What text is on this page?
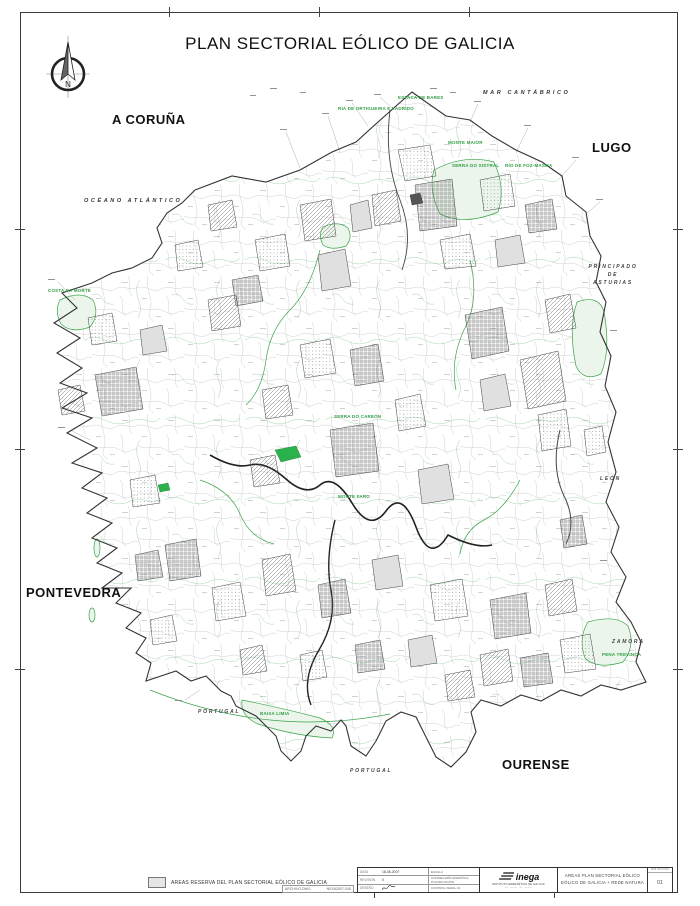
PLAN SECTORIAL EÓLICO DE GALICIA
N
A CORUÑA
LUGO
PONTEVEDRA
OURENSE
MAR CANTÁBRICO
OCÉANO ATLÁNTICO
PRINCIPADO
DE
ASTURIAS
LEÓN
ZAMORA
PORTUGAL
PORTUGAL
ESTACA DE BARES
RÍA DE ORTIGUEIRA E LADRIDO
MONTE MAIOR
SERRA DO XISTRAL RÍO DE FOZ-MASMA
COSTA DA MORTE
SERRA DO CAREÓN
MONTE FARO
PENA TREVINCA
BAIXA LIMIA
AREAS RESERVA DEL PLAN SECTORIAL EÓLICO DE GALICIA
ARCHIVO-DWG	NEXA2007-045
DATA	18-06-2007	ESCALA
REVISION	0	CONSELLERÍA ENERXÍA E PLANIFICACIÓN
DESEÑO	CONTROL XERAL 01
inega
INSTITUTO ENERXÉTICO DE GALICIA
— —— — ——
AREAS PLAN SECTORIAL EÓLICO
EÓLICO DE GALICIA + REDE NATURA
NÚM. DE PLANO
01
